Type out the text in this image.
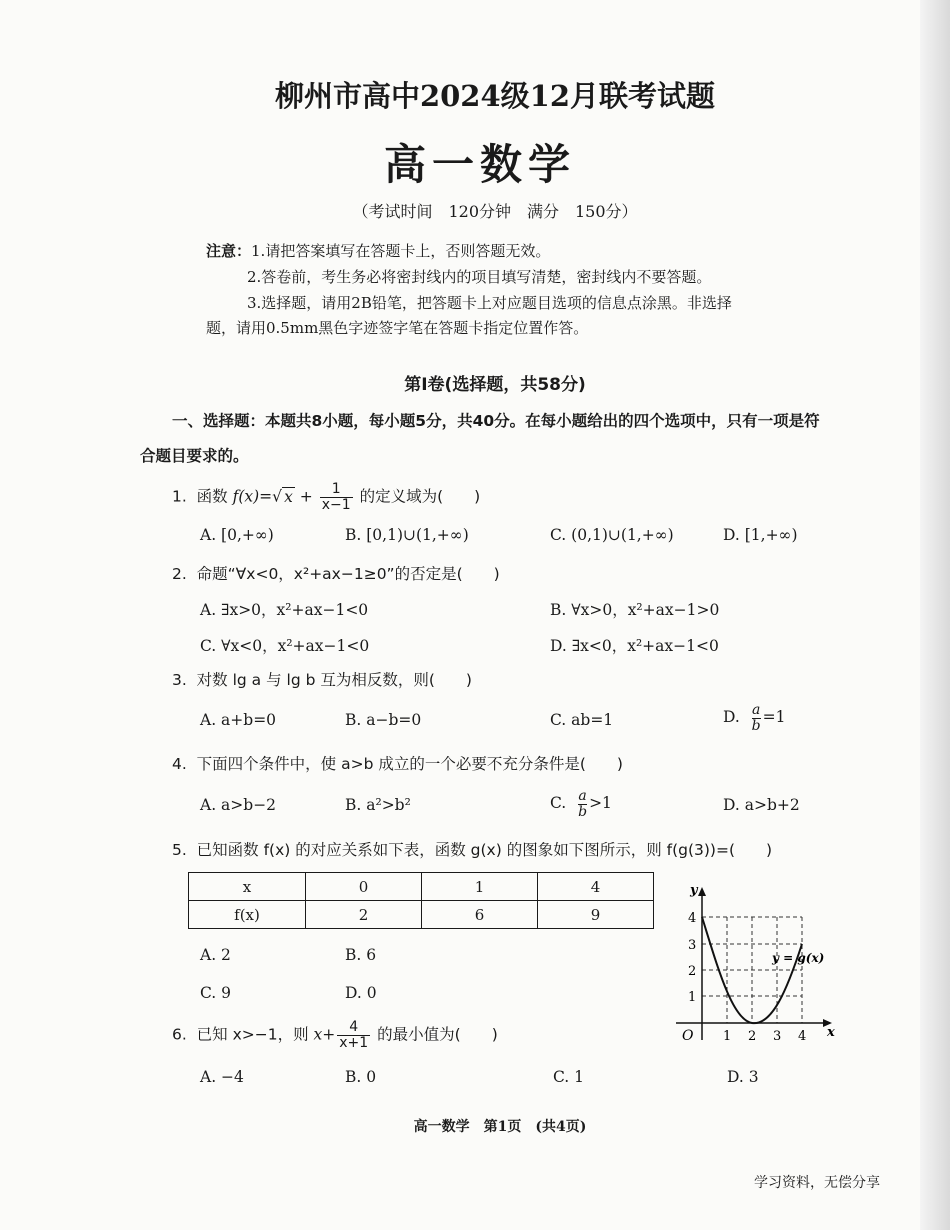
柳州市高中2024级12月联考试题
高一数学
（考试时间　120分钟　满分　150分）
注意：1.请把答案填写在答题卡上，否则答题无效。
2.答卷前，考生务必将密封线内的项目填写清楚，密封线内不要答题。
3.选择题，请用2B铅笔，把答题卡上对应题目选项的信息点涂黑。非选择
题，请用0.5mm黑色字迹签字笔在答题卡指定位置作答。
第Ⅰ卷(选择题，共58分)
一、选择题：本题共8小题，每小题5分，共40分。在每小题给出的四个选项中，只有一项是符
合题目要求的。
1. 函数 f(x)=√ $x + \frac{1}{x-1}$ 的定义域为(　　)
A. [0,+∞)	B. [0,1)∪(1,+∞)	C. (0,1)∪(1,+∞)	D. [1,+∞)
2. 命题“∀x<0，x²+ax−1≥0”的否定是(　　)
A. ∃x>0，x²+ax−1<0	B. ∀x>0，x²+ax−1>0
C. ∀x<0，x²+ax−1<0	D. ∃x<0，x²+ax−1<0
3. 对数 lg a 与 lg b 互为相反数，则(　　)
A. a+b=0	B. a−b=0	C. ab=1	D. $\frac{a}{b} =1$
4. 下面四个条件中，使 a>b 成立的一个必要不充分条件是(　　)
A. a>b−2	B. a²>b²	C. $\frac{a}{b} >1$	D. a>b+2
5. 已知函数 f(x) 的对应关系如下表，函数 g(x) 的图象如下图所示，则 f(g(3))=(　　)
x	0	1	4
f(x)	2	6	9
A. 2	B. 6
C. 9	D. 0
y
x
O
y = g(x)
1 2 3 4
1
2
3
4
6. 已知 x>−1，则 $x+ \frac{4}{x+1}$ 的最小值为(　　)
A. −4	B. 0	C. 1	D. 3
高一数学　第1页　(共4页)
学习资料，无偿分享
